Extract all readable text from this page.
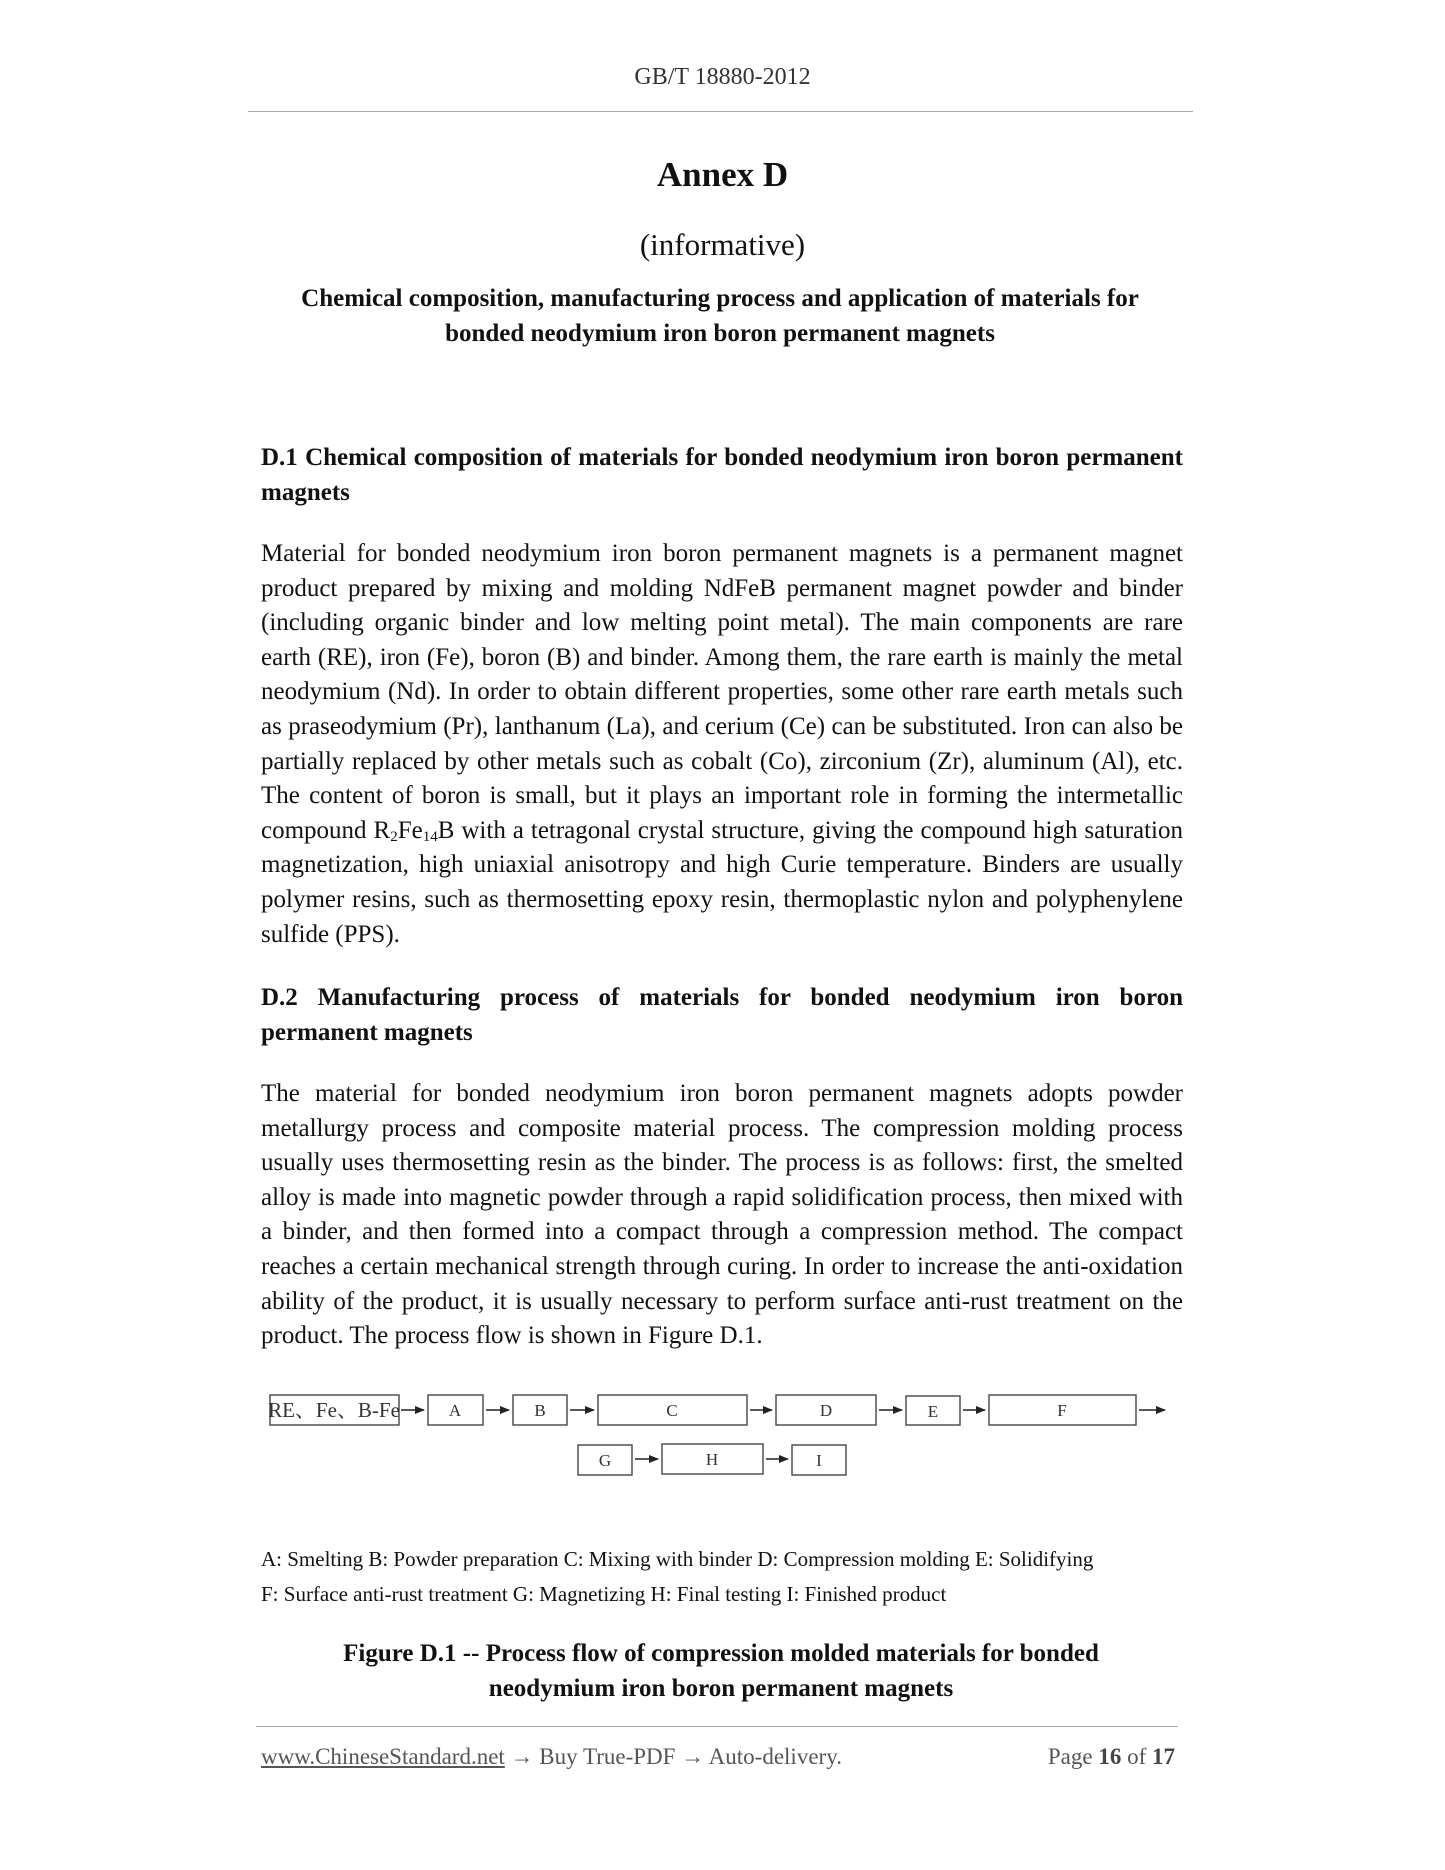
GB/T 18880-2012
Annex D
(informative)
Chemical composition, manufacturing process and application of materials for
bonded neodymium iron boron permanent magnets
D.1 Chemical composition of materials for bonded neodymium iron boron permanent magnets
Material for bonded neodymium iron boron permanent magnets is a permanent magnet product prepared by mixing and molding NdFeB permanent magnet powder and binder (including organic binder and low melting point metal). The main components are rare earth (RE), iron (Fe), boron (B) and binder. Among them, the rare earth is mainly the metal neodymium (Nd). In order to obtain different properties, some other rare earth metals such as praseodymium (Pr), lanthanum (La), and cerium (Ce) can be substituted. Iron can also be partially replaced by other metals such as cobalt (Co), zirconium (Zr), aluminum (Al), etc. The content of boron is small, but it plays an important role in forming the intermetallic compound $R_2Fe_{14}B$ with a tetragonal crystal structure, giving the compound high saturation magnetization, high uniaxial anisotropy and high Curie temperature. Binders are usually polymer resins, such as thermosetting epoxy resin, thermoplastic nylon and polyphenylene sulfide (PPS).
D.2 Manufacturing process of materials for bonded neodymium iron boron permanent magnets
The material for bonded neodymium iron boron permanent magnets adopts powder metallurgy process and composite material process. The compression molding process usually uses thermosetting resin as the binder. The process is as follows: first, the smelted alloy is made into magnetic powder through a rapid solidification process, then mixed with a binder, and then formed into a compact through a compression method. The compact reaches a certain mechanical strength through curing. In order to increase the anti-oxidation ability of the product, it is usually necessary to perform surface anti-rust treatment on the product. The process flow is shown in Figure D.1.
RE、Fe、B-Fe	A	B	C	D	E	F
G	H	I
A: Smelting B: Powder preparation C: Mixing with binder D: Compression molding E: Solidifying
F: Surface anti-rust treatment G: Magnetizing H: Final testing I: Finished product
Figure D.1 -- Process flow of compression molded materials for bonded
neodymium iron boron permanent magnets
www.ChineseStandard.net → Buy True-PDF → Auto-delivery.	Page 16 of 17
